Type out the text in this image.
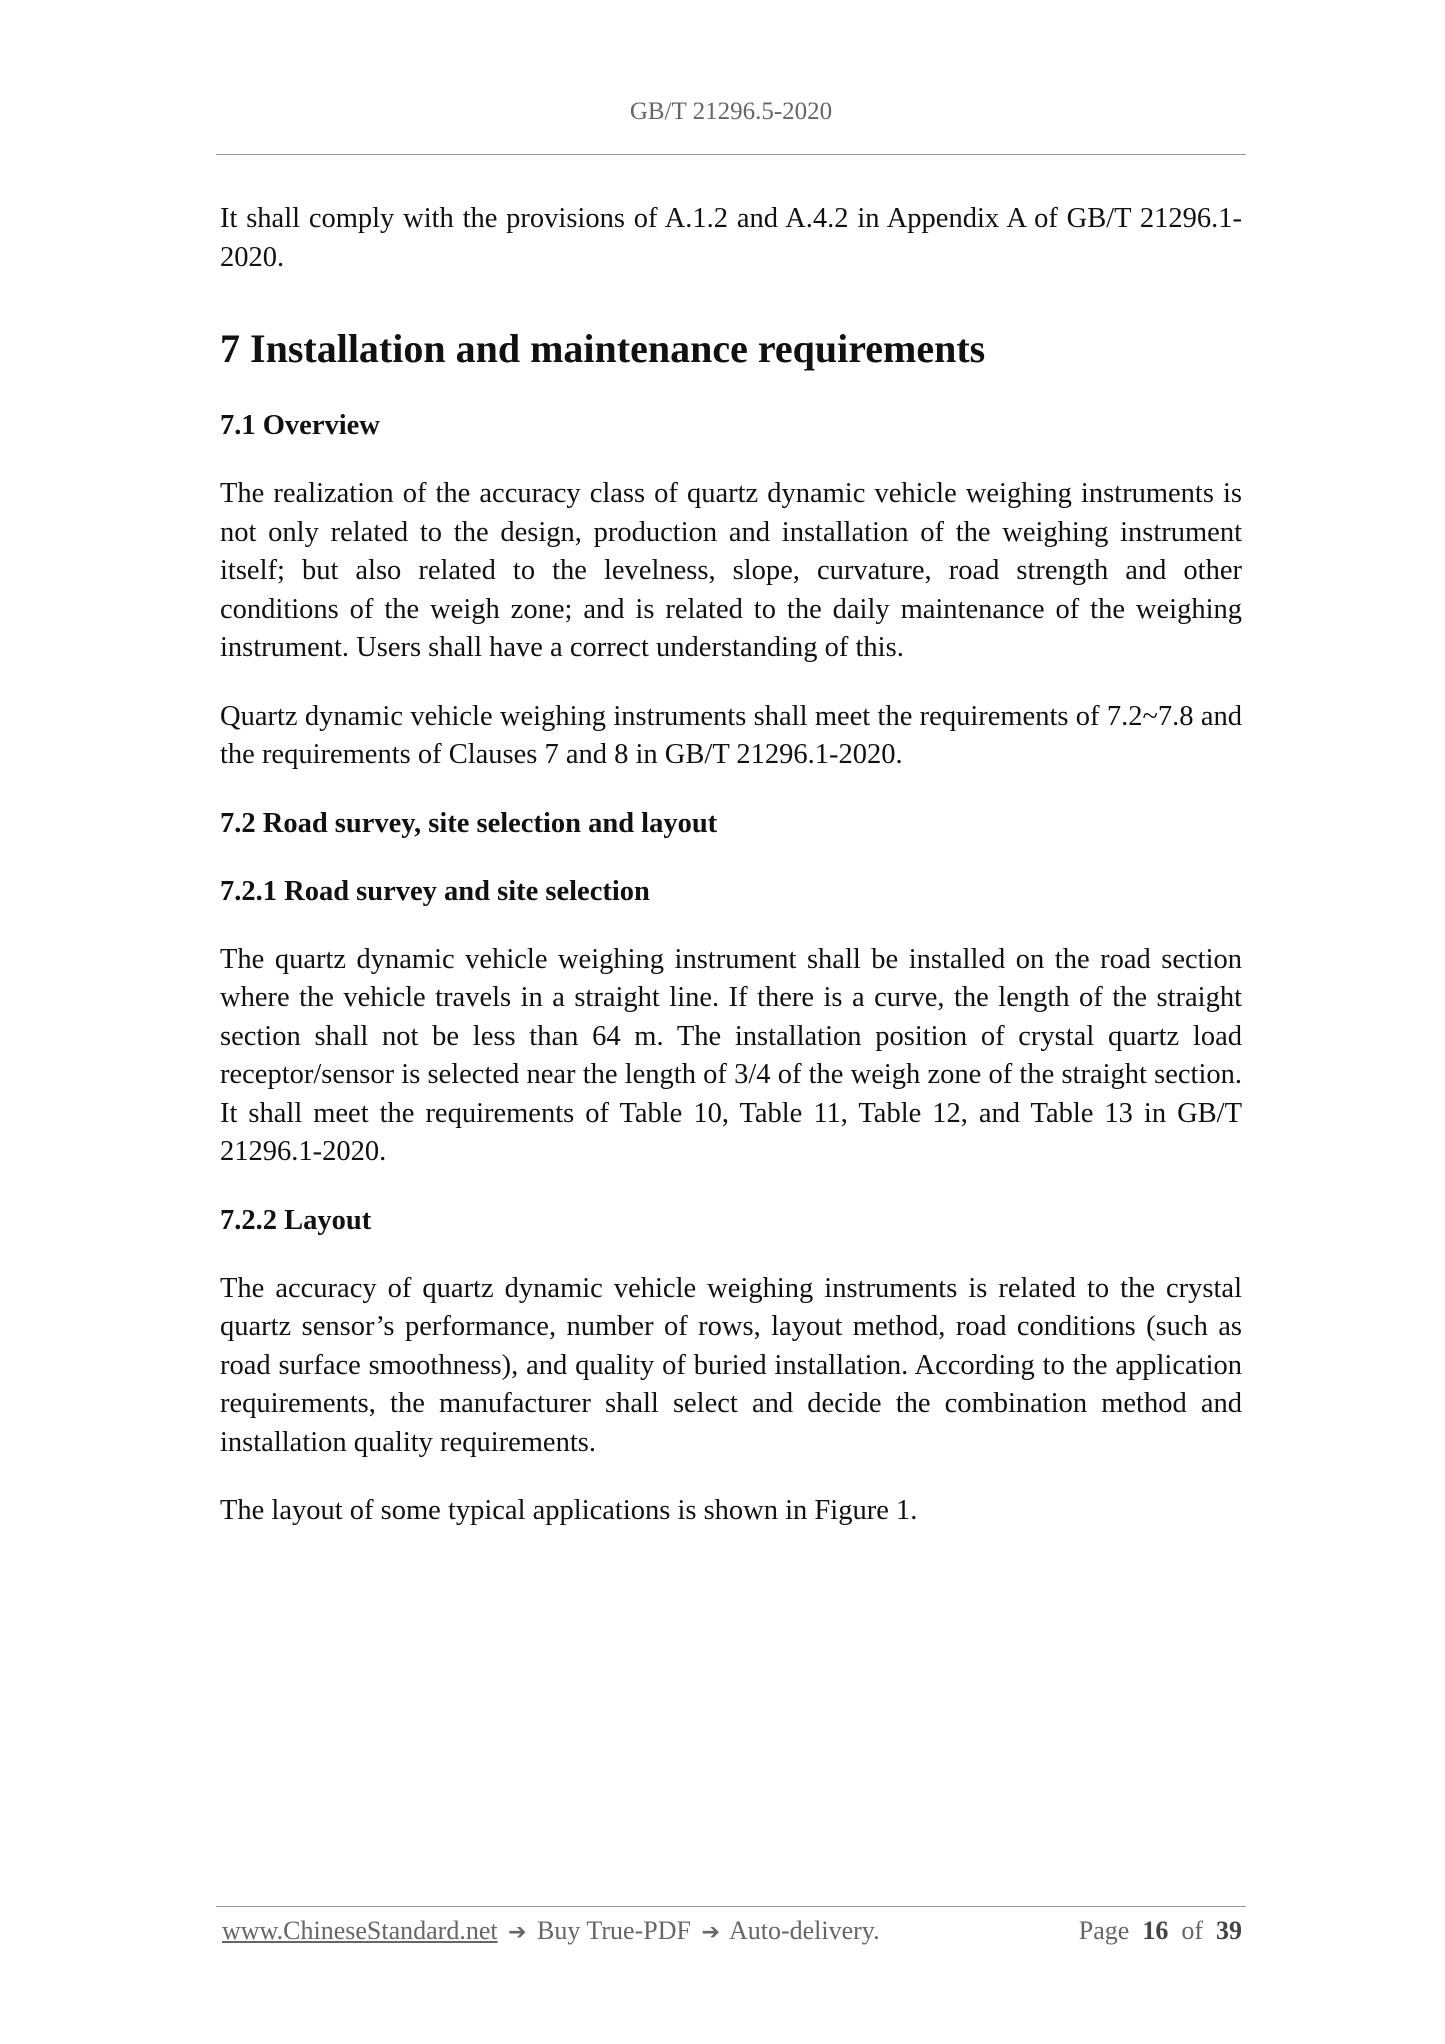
GB/T 21296.5-2020

It shall comply with the provisions of A.1.2 and A.4.2 in Appendix A of GB/T 21296.1-2020.

7 Installation and maintenance requirements
7.1 Overview

The realization of the accuracy class of quartz dynamic vehicle weighing instruments is not only related to the design, production and installation of the weighing instrument itself; but also related to the levelness, slope, curvature, road strength and other conditions of the weigh zone; and is related to the daily maintenance of the weighing instrument. Users shall have a correct understanding of this.

Quartz dynamic vehicle weighing instruments shall meet the requirements of 7.2~7.8 and the requirements of Clauses 7 and 8 in GB/T 21296.1-2020.

7.2 Road survey, site selection and layout
7.2.1 Road survey and site selection

The quartz dynamic vehicle weighing instrument shall be installed on the road section where the vehicle travels in a straight line. If there is a curve, the length of the straight section shall not be less than 64 m. The installation position of crystal quartz load receptor/sensor is selected near the length of 3/4 of the weigh zone of the straight section. It shall meet the requirements of Table 10, Table 11, Table 12, and Table 13 in GB/T 21296.1-2020.

7.2.2 Layout

The accuracy of quartz dynamic vehicle weighing instruments is related to the crystal quartz sensor’s performance, number of rows, layout method, road conditions (such as road surface smoothness), and quality of buried installation. According to the application requirements, the manufacturer shall select and decide the combination method and installation quality requirements.

The layout of some typical applications is shown in Figure 1.

www.ChineseStandard.net ➔ Buy True-PDF ➔ Auto-delivery.	Page 16 of 39
